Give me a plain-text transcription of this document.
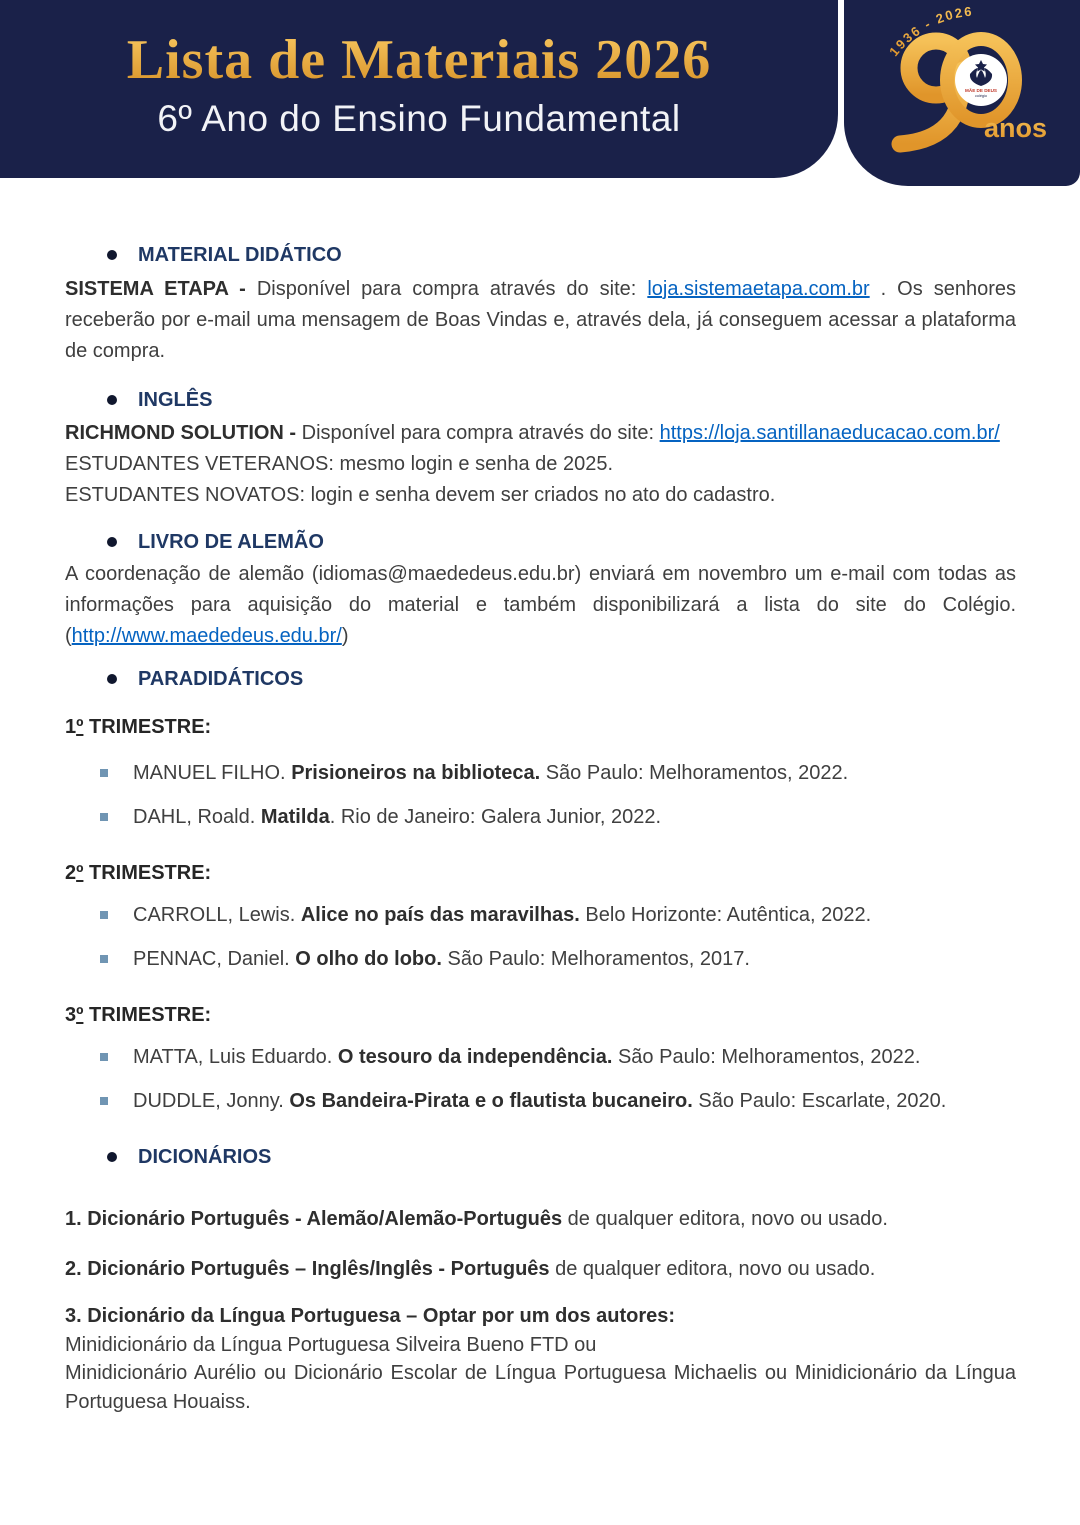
Lista de Materiais 2026
6º Ano do Ensino Fundamental
1936 - 2026
MÃE DE DEUS
colégio
anos
MATERIAL DIDÁTICO

SISTEMA ETAPA - Disponível para compra através do site: loja.sistemaetapa.com.br . Os senhores receberão por e-mail uma mensagem de Boas Vindas e, através dela, já conseguem acessar a plataforma de compra.

INGLÊS

RICHMOND SOLUTION - Disponível para compra através do site: https://loja.santillanaeducacao.com.br/

ESTUDANTES VETERANOS: mesmo login e senha de 2025.

ESTUDANTES NOVATOS: login e senha devem ser criados no ato do cadastro.

LIVRO DE ALEMÃO

A coordenação de alemão (idiomas@maededeus.edu.br) enviará em novembro um e-mail com todas as informações para aquisição do material e também disponibilizará a lista do site do Colégio. (http://www.maededeus.edu.br/)

PARADIDÁTICOS

1º TRIMESTRE:

MANUEL FILHO. Prisioneiros na biblioteca. São Paulo: Melhoramentos, 2022.

DAHL, Roald. Matilda. Rio de Janeiro: Galera Junior, 2022.

2º TRIMESTRE:

CARROLL, Lewis. Alice no país das maravilhas. Belo Horizonte: Autêntica, 2022.

PENNAC, Daniel. O olho do lobo. São Paulo: Melhoramentos, 2017.

3º TRIMESTRE:

MATTA, Luis Eduardo. O tesouro da independência. São Paulo: Melhoramentos, 2022.

DUDDLE, Jonny. Os Bandeira-Pirata e o flautista bucaneiro. São Paulo: Escarlate, 2020.

DICIONÁRIOS

1. Dicionário Português - Alemão/Alemão-Português de qualquer editora, novo ou usado.

2. Dicionário Português – Inglês/Inglês - Português de qualquer editora, novo ou usado.

3. Dicionário da Língua Portuguesa – Optar por um dos autores:

Minidicionário da Língua Portuguesa Silveira Bueno FTD ou

Minidicionário Aurélio ou Dicionário Escolar de Língua Portuguesa Michaelis ou Minidicionário da Língua Portuguesa Houaiss.
